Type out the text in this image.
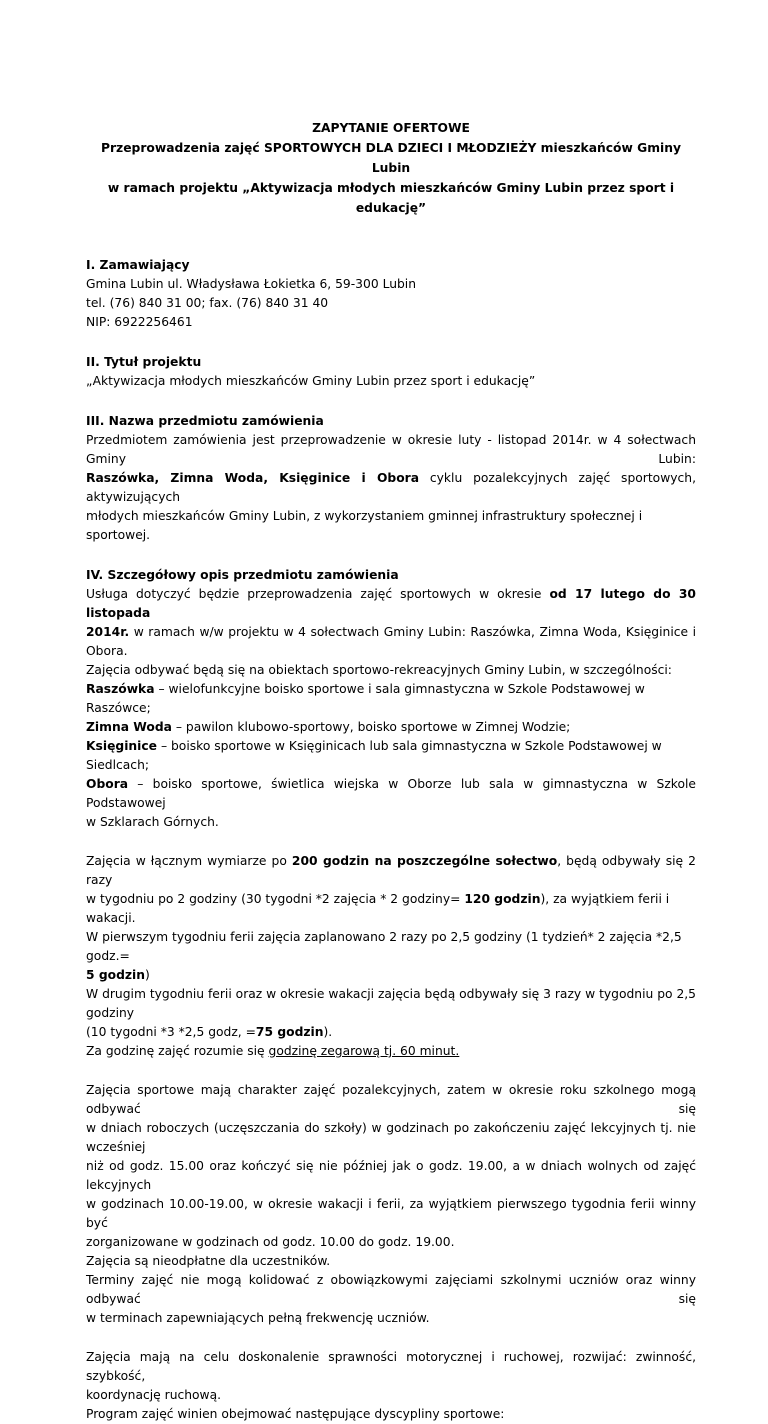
ZAPYTANIE OFERTOWE
Przeprowadzenia zajęć SPORTOWYCH DLA DZIECI I MŁODZIEŻY mieszkańców Gminy Lubin
w ramach projektu „Aktywizacja młodych mieszkańców Gminy Lubin przez sport i edukację”
I. Zamawiający

Gmina Lubin ul. Władysława Łokietka 6, 59-300 Lubin

tel. (76) 840 31 00; fax. (76) 840 31 40

NIP: 6922256461

II. Tytuł projektu

„Aktywizacja młodych mieszkańców Gminy Lubin przez sport i edukację”

III. Nazwa przedmiotu zamówienia

Przedmiotem zamówienia jest przeprowadzenie w okresie luty - listopad 2014r. w 4 sołectwach Gminy Lubin:

Raszówka, Zimna Woda, Księginice i Obora cyklu pozalekcyjnych zajęć sportowych, aktywizujących

młodych mieszkańców Gminy Lubin, z wykorzystaniem gminnej infrastruktury społecznej i sportowej.

IV. Szczegółowy opis przedmiotu zamówienia

Usługa dotyczyć będzie przeprowadzenia zajęć sportowych w okresie od 17 lutego do 30 listopada

2014r. w ramach w/w projektu w 4 sołectwach Gminy Lubin: Raszówka, Zimna Woda, Księginice i Obora.

Zajęcia odbywać będą się na obiektach sportowo-rekreacyjnych Gminy Lubin, w szczególności:

Raszówka – wielofunkcyjne boisko sportowe i sala gimnastyczna w Szkole Podstawowej w Raszówce;

Zimna Woda – pawilon klubowo-sportowy, boisko sportowe w Zimnej Wodzie;

Księginice – boisko sportowe w Księginicach lub sala gimnastyczna w Szkole Podstawowej w Siedlcach;

Obora – boisko sportowe, świetlica wiejska w Oborze lub sala w gimnastyczna w Szkole Podstawowej

w Szklarach Górnych.

Zajęcia w łącznym wymiarze po 200 godzin na poszczególne sołectwo, będą odbywały się 2 razy

w tygodniu po 2 godziny (30 tygodni *2 zajęcia * 2 godziny= 120 godzin), za wyjątkiem ferii i wakacji.

W pierwszym tygodniu ferii zajęcia zaplanowano 2 razy po 2,5 godziny (1 tydzień* 2 zajęcia *2,5 godz.=

5 godzin)

W drugim tygodniu ferii oraz w okresie wakacji zajęcia będą odbywały się 3 razy w tygodniu po 2,5 godziny

(10 tygodni *3 *2,5 godz, =75 godzin).

Za godzinę zajęć rozumie się godzinę zegarową tj. 60 minut.

Zajęcia sportowe mają charakter zajęć pozalekcyjnych, zatem w okresie roku szkolnego mogą odbywać się

w dniach roboczych (uczęszczania do szkoły) w godzinach po zakończeniu zajęć lekcyjnych tj. nie wcześniej

niż od godz. 15.00 oraz kończyć się nie później jak o godz. 19.00, a w dniach wolnych od zajęć lekcyjnych

w godzinach 10.00-19.00, w okresie wakacji i ferii, za wyjątkiem pierwszego tygodnia ferii winny być

zorganizowane w godzinach od godz. 10.00 do godz. 19.00.

Zajęcia są nieodpłatne dla uczestników.

Terminy zajęć nie mogą kolidować z obowiązkowymi zajęciami szkolnymi uczniów oraz winny odbywać się

w terminach zapewniających pełną frekwencję uczniów.

Zajęcia mają na celu doskonalenie sprawności motorycznej i ruchowej, rozwijać: zwinność, szybkość,

koordynację ruchową.

Program zajęć winien obejmować następujące dyscypliny sportowe:
